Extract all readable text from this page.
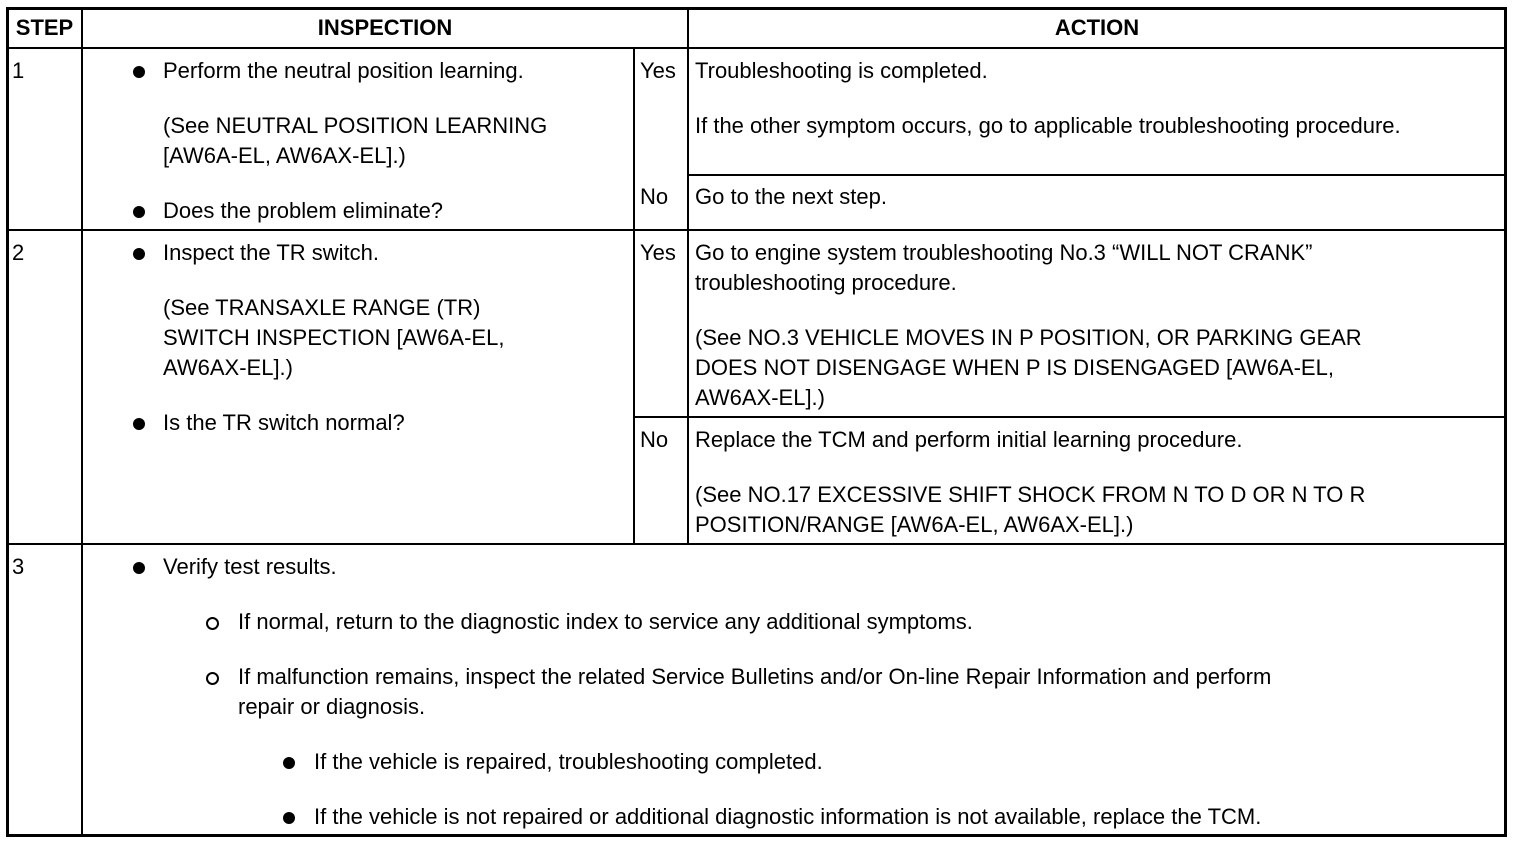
STEP	INSPECTION	ACTION
1	Perform the neutral position learning.
(See NEUTRAL POSITION LEARNING
[AW6A-EL, AW6AX-EL].)
Does the problem eliminate?
Yes Troubleshooting is completed.
If the other symptom occurs, go to applicable troubleshooting procedure.
No Go to the next step.
2	Inspect the TR switch.
(See TRANSAXLE RANGE (TR)
SWITCH INSPECTION [AW6A-EL,
AW6AX-EL].)
Is the TR switch normal?
Yes Go to engine system troubleshooting No.3 “WILL NOT CRANK”
troubleshooting procedure.
(See NO.3 VEHICLE MOVES IN P POSITION, OR PARKING GEAR
DOES NOT DISENGAGE WHEN P IS DISENGAGED [AW6A-EL,
AW6AX-EL].)
No Replace the TCM and perform initial learning procedure.
(See NO.17 EXCESSIVE SHIFT SHOCK FROM N TO D OR N TO R
POSITION/RANGE [AW6A-EL, AW6AX-EL].)
3	Verify test results.
If normal, return to the diagnostic index to service any additional symptoms.
If malfunction remains, inspect the related Service Bulletins and/or On-line Repair Information and perform
repair or diagnosis.
If the vehicle is repaired, troubleshooting completed.
If the vehicle is not repaired or additional diagnostic information is not available, replace the TCM.
